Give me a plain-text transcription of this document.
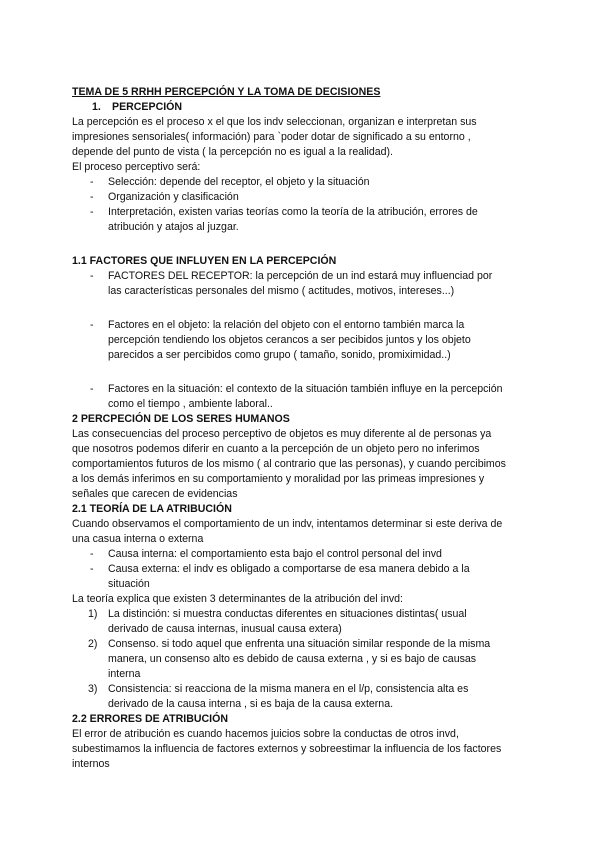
TEMA DE 5 RRHH PERCEPCIÓN Y LA TOMA DE DECISIONES
1. PERCEPCIÓN
La percepción es el proceso x el que los indv seleccionan, organizan e interpretan sus
impresiones sensoriales( información) para `poder dotar de significado a su entorno ,
depende del punto de vista ( la percepción no es igual a la realidad).
El proceso perceptivo será:
- Selección: depende del receptor, el objeto y la situación
- Organización y clasificación
- Interpretación, existen varias teorías como la teoría de la atribución, errores de
atribución y atajos al juzgar.
1.1 FACTORES QUE INFLUYEN EN LA PERCEPCIÓN
- FACTORES DEL RECEPTOR: la percepción de un ind estará muy influenciad por
las características personales del mismo ( actitudes, motivos, intereses...)
- Factores en el objeto: la relación del objeto con el entorno también marca la
percepción tendiendo los objetos cerancos a ser pecibidos juntos y los objeto
parecidos a ser percibidos como grupo ( tamaño, sonido, promiximidad..)
- Factores en la situación: el contexto de la situación también influye en la percepción
como el tiempo , ambiente laboral..
2 PERCPECIÓN DE LOS SERES HUMANOS
Las consecuencias del proceso perceptivo de objetos es muy diferente al de personas ya
que nosotros podemos diferir en cuanto a la percepción de un objeto pero no inferimos
comportamientos futuros de los mismo ( al contrario que las personas), y cuando percibimos
a los demás inferimos en su comportamiento y moralidad por las primeas impresiones y
señales que carecen de evidencias
2.1 TEORÍA DE LA ATRIBUCIÓN
Cuando observamos el comportamiento de un indv, intentamos determinar si este deriva de
una casua interna o externa
- Causa interna: el comportamiento esta bajo el control personal del invd
- Causa externa: el indv es obligado a comportarse de esa manera debido a la
situación
La teoría explica que existen 3 determinantes de la atribución del invd:
1) La distinción: si muestra conductas diferentes en situaciones distintas( usual
derivado de causa internas, inusual causa extera)
2) Consenso. si todo aquel que enfrenta una situación similar responde de la misma
manera, un consenso alto es debido de causa externa , y si es bajo de causas
interna
3) Consistencia: si reacciona de la misma manera en el l/p, consistencia alta es
derivado de la causa interna , si es baja de la causa externa.
2.2 ERRORES DE ATRIBUCIÓN
El error de atribución es cuando hacemos juicios sobre la conductas de otros invd,
subestimamos la influencia de factores externos y sobreestimar la influencia de los factores
internos
